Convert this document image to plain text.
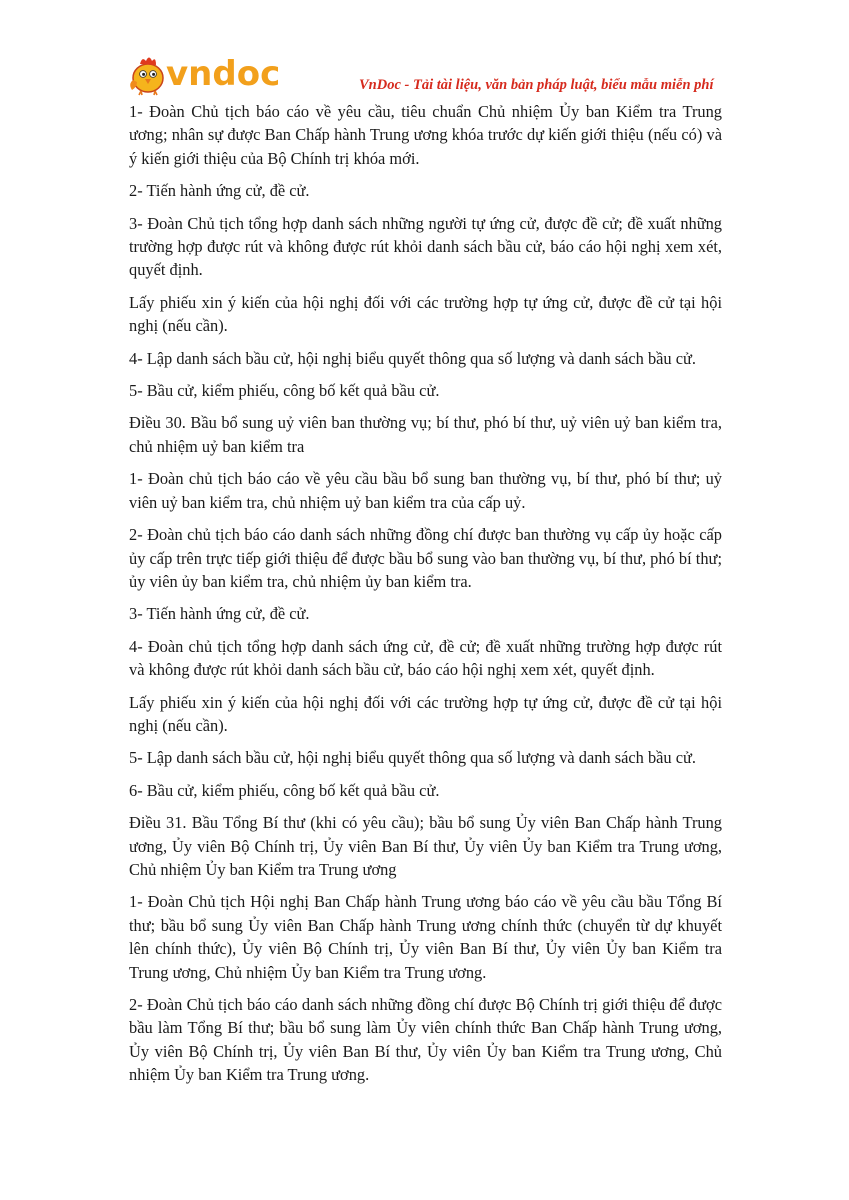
vndoc	VnDoc - Tải tài liệu, văn bản pháp luật, biểu mẫu miễn phí

1- Đoàn Chủ tịch báo cáo về yêu cầu, tiêu chuẩn Chủ nhiệm Ủy ban Kiểm tra Trung ương; nhân sự được Ban Chấp hành Trung ương khóa trước dự kiến giới thiệu (nếu có) và ý kiến giới thiệu của Bộ Chính trị khóa mới.

2- Tiến hành ứng cử, đề cử.

3- Đoàn Chủ tịch tổng hợp danh sách những người tự ứng cử, được đề cử; đề xuất những trường hợp được rút và không được rút khỏi danh sách bầu cử, báo cáo hội nghị xem xét, quyết định.

Lấy phiếu xin ý kiến của hội nghị đối với các trường hợp tự ứng cử, được đề cử tại hội nghị (nếu cần).

4- Lập danh sách bầu cử, hội nghị biểu quyết thông qua số lượng và danh sách bầu cử.

5- Bầu cử, kiểm phiếu, công bố kết quả bầu cử.

Điều 30. Bầu bổ sung uỷ viên ban thường vụ; bí thư, phó bí thư, uỷ viên uỷ ban kiểm tra, chủ nhiệm uỷ ban kiểm tra

1- Đoàn chủ tịch báo cáo về yêu cầu bầu bổ sung ban thường vụ, bí thư, phó bí thư; uỷ viên uỷ ban kiểm tra, chủ nhiệm uỷ ban kiểm tra của cấp uỷ.

2- Đoàn chủ tịch báo cáo danh sách những đồng chí được ban thường vụ cấp ủy hoặc cấp ủy cấp trên trực tiếp giới thiệu để được bầu bổ sung vào ban thường vụ, bí thư, phó bí thư; ủy viên ủy ban kiểm tra, chủ nhiệm ủy ban kiểm tra.

3- Tiến hành ứng cử, đề cử.

4- Đoàn chủ tịch tổng hợp danh sách ứng cử, đề cử; đề xuất những trường hợp được rút và không được rút khỏi danh sách bầu cử, báo cáo hội nghị xem xét, quyết định.

Lấy phiếu xin ý kiến của hội nghị đối với các trường hợp tự ứng cử, được đề cử tại hội nghị (nếu cần).

5- Lập danh sách bầu cử, hội nghị biểu quyết thông qua số lượng và danh sách bầu cử.

6- Bầu cử, kiểm phiếu, công bố kết quả bầu cử.

Điều 31. Bầu Tổng Bí thư (khi có yêu cầu); bầu bổ sung Ủy viên Ban Chấp hành Trung ương, Ủy viên Bộ Chính trị, Ủy viên Ban Bí thư, Ủy viên Ủy ban Kiểm tra Trung ương, Chủ nhiệm Ủy ban Kiểm tra Trung ương

1- Đoàn Chủ tịch Hội nghị Ban Chấp hành Trung ương báo cáo về yêu cầu bầu Tổng Bí thư; bầu bổ sung Ủy viên Ban Chấp hành Trung ương chính thức (chuyển từ dự khuyết lên chính thức), Ủy viên Bộ Chính trị, Ủy viên Ban Bí thư, Ủy viên Ủy ban Kiểm tra Trung ương, Chủ nhiệm Ủy ban Kiểm tra Trung ương.

2- Đoàn Chủ tịch báo cáo danh sách những đồng chí được Bộ Chính trị giới thiệu để được bầu làm Tổng Bí thư; bầu bổ sung làm Ủy viên chính thức Ban Chấp hành Trung ương, Ủy viên Bộ Chính trị, Ủy viên Ban Bí thư, Ủy viên Ủy ban Kiểm tra Trung ương, Chủ nhiệm Ủy ban Kiểm tra Trung ương.
